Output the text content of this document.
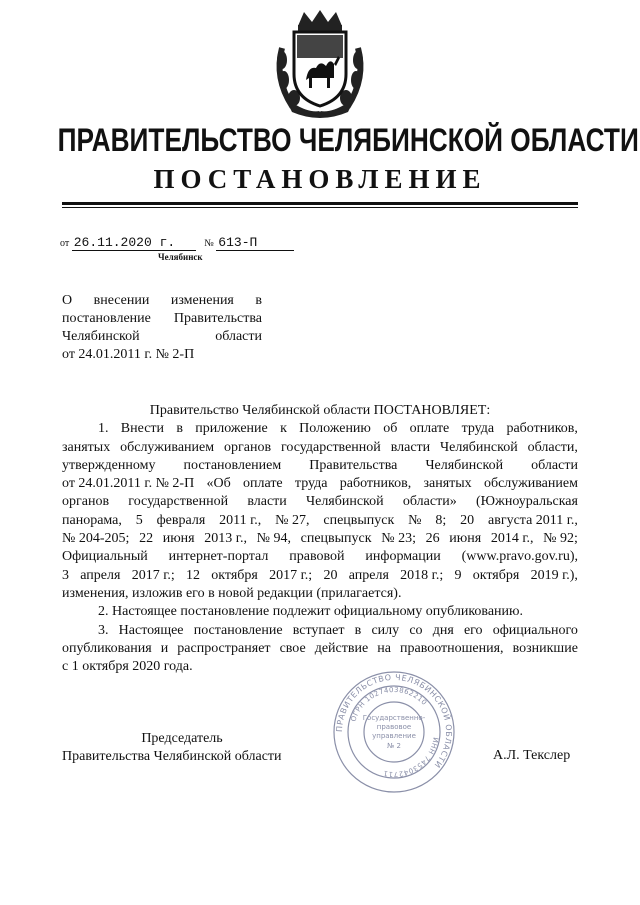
ПРАВИТЕЛЬСТВО ЧЕЛЯБИНСКОЙ ОБЛАСТИ
ПОСТАНОВЛЕНИЕ
от 26.11.2020 г.	№ 613-П
Челябинск
О внесении изменения в
постановление Правительства
Челябинской	области
от 24.01.2011 г. № 2-П
Правительство Челябинской области ПОСТАНОВЛЯЕТ:
1. Внести в приложение к Положению об оплате труда работников,
занятых обслуживанием органов государственной власти Челябинской области,
утвержденному постановлением Правительства Челябинской области
от 24.01.2011 г. № 2-П «Об оплате труда работников, занятых обслуживанием
органов государственной власти Челябинской области» (Южноуральская
панорама, 5 февраля 2011 г., № 27, спецвыпуск № 8; 20 августа 2011 г.,
№ 204-205; 22 июня 2013 г., № 94, спецвыпуск № 23; 26 июня 2014 г., № 92;
Официальный интернет-портал правовой информации (www.pravo.gov.ru),
3 апреля 2017 г.; 12 октября 2017 г.; 20 апреля 2018 г.; 9 октября 2019 г.),
изменения, изложив его в новой редакции (прилагается).
2. Настоящее постановление подлежит официальному опубликованию.
3. Настоящее постановление вступает в силу со дня его официального
опубликования и распространяет свое действие на правоотношения, возникшие
с 1 октября 2020 года.
Председатель
Правительства Челябинской области	А.Л. Текслер
ПРАВИТЕЛЬСТВО ЧЕЛЯБИНСКОЙ ОБЛАСТИ
ОГРН 1027403862210
ИНН 7453042711
Государственно-
правовое
управление
№ 2
